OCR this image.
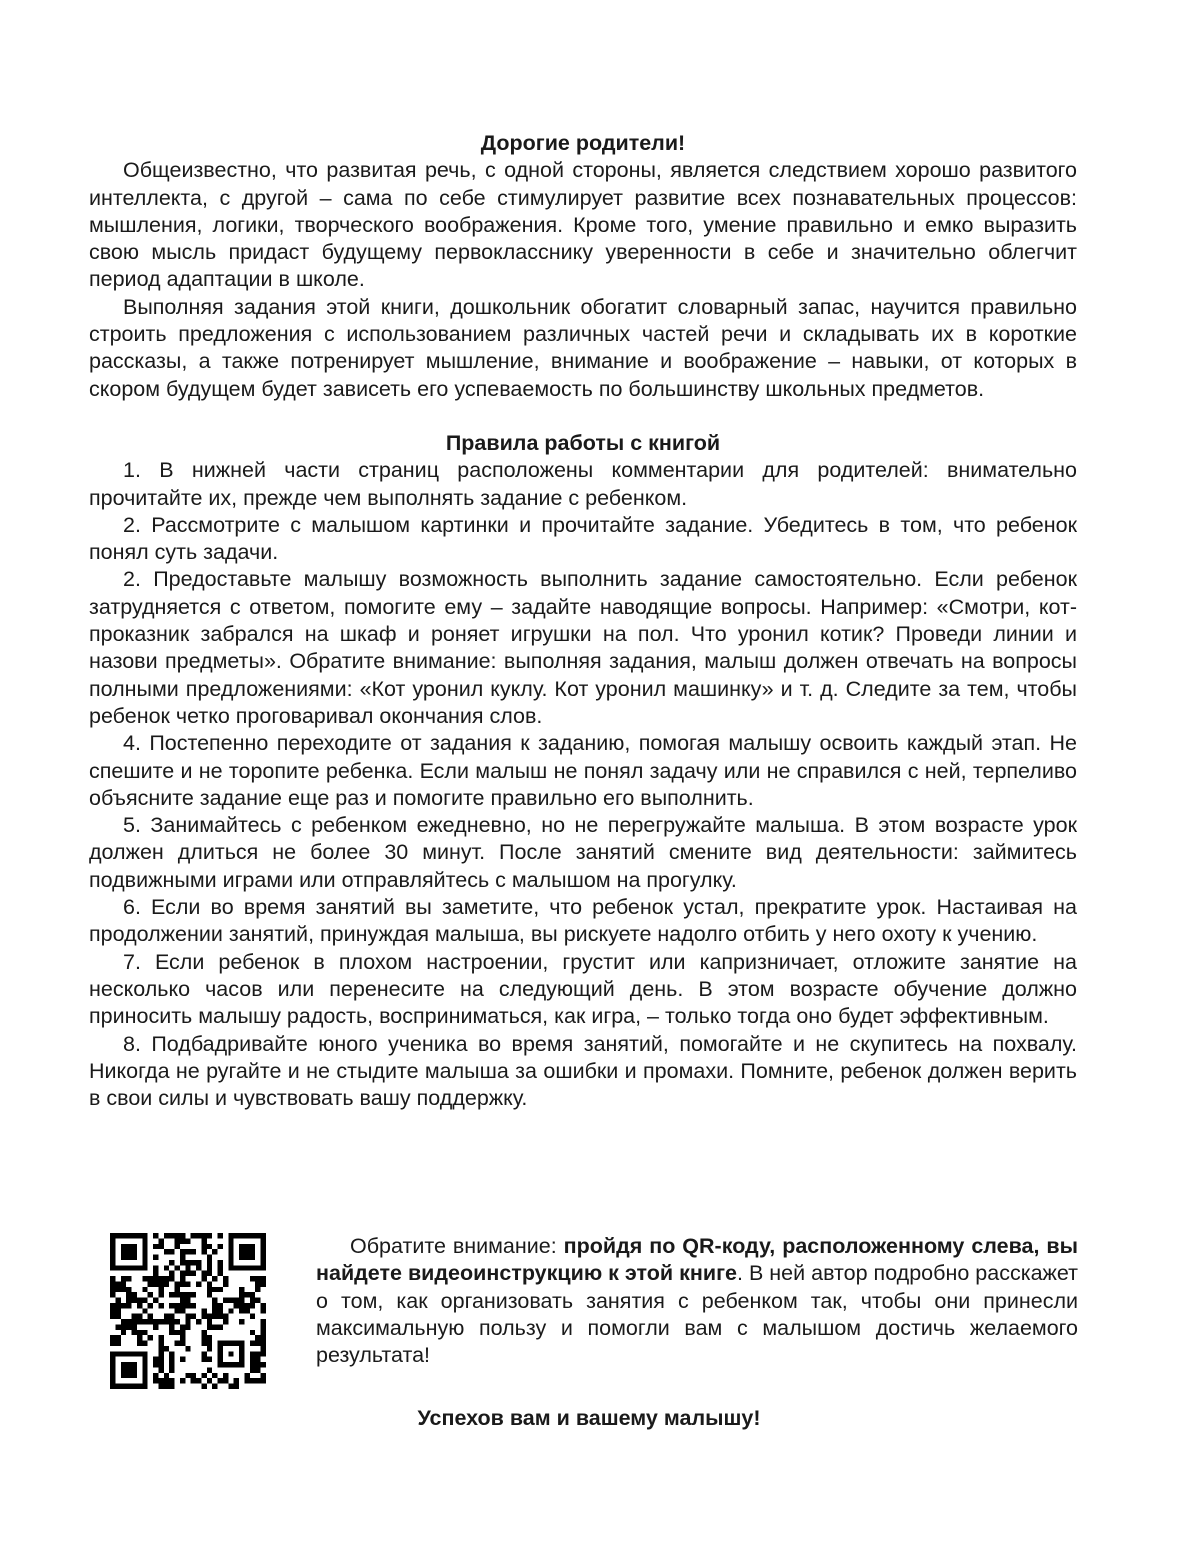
Дорогие родители!

Общеизвестно, что развитая речь, с одной стороны, является следствием хорошо развитого интеллекта, с другой – сама по себе стимулирует развитие всех познавательных процессов: мышления, логики, творческого воображения. Кроме того, умение правильно и емко выразить свою мысль придаст будущему первокласснику уверенности в себе и значительно облегчит период адаптации в школе.

Выполняя задания этой книги, дошкольник обогатит словарный запас, научится правильно строить предложения с использованием различных частей речи и складывать их в короткие рассказы, а также потренирует мышление, внимание и воображение – навыки, от которых в скором будущем будет зависеть его успеваемость по большинству школьных предметов.

Правила работы с книгой

1. В нижней части страниц расположены комментарии для родителей: внимательно прочитайте их, прежде чем выполнять задание с ребенком.

2. Рассмотрите с малышом картинки и прочитайте задание. Убедитесь в том, что ребенок понял суть задачи.

2. Предоставьте малышу возможность выполнить задание самостоятельно. Если ребенок затрудняется с ответом, помогите ему – задайте наводящие вопросы. Например: «Смотри, кот-проказник забрался на шкаф и роняет игрушки на пол. Что уронил котик? Проведи линии и назови предметы». Обратите внимание: выполняя задания, малыш должен отвечать на вопросы полными предложениями: «Кот уронил куклу. Кот уронил машинку» и т. д. Следите за тем, чтобы ребенок четко проговаривал окончания слов.

4. Постепенно переходите от задания к заданию, помогая малышу освоить каждый этап. Не спешите и не торопите ребенка. Если малыш не понял задачу или не справился с ней, терпеливо объясните задание еще раз и помогите правильно его выполнить.

5. Занимайтесь с ребенком ежедневно, но не перегружайте малыша. В этом возрасте урок должен длиться не более 30 минут. После занятий смените вид деятельности: займитесь подвижными играми или отправляйтесь с малышом на прогулку.

6. Если во время занятий вы заметите, что ребенок устал, прекратите урок. Настаивая на продолжении занятий, принуждая малыша, вы рискуете надолго отбить у него охоту к учению.

7. Если ребенок в плохом настроении, грустит или капризничает, отложите занятие на несколько часов или перенесите на следующий день. В этом возрасте обучение должно приносить малышу радость, восприниматься, как игра, – только тогда оно будет эффективным.

8. Подбадривайте юного ученика во время занятий, помогайте и не скупитесь на похвалу. Никогда не ругайте и не стыдите малыша за ошибки и промахи. Помните, ребенок должен верить в свои силы и чувствовать вашу поддержку.

Обратите внимание: пройдя по QR-коду, расположенному слева, вы найдете видеоинструкцию к этой книге. В ней автор подробно расскажет о том, как организовать занятия с ребенком так, чтобы они принесли максимальную пользу и помогли вам с малышом достичь желаемого результата!

Успехов вам и вашему малышу!
